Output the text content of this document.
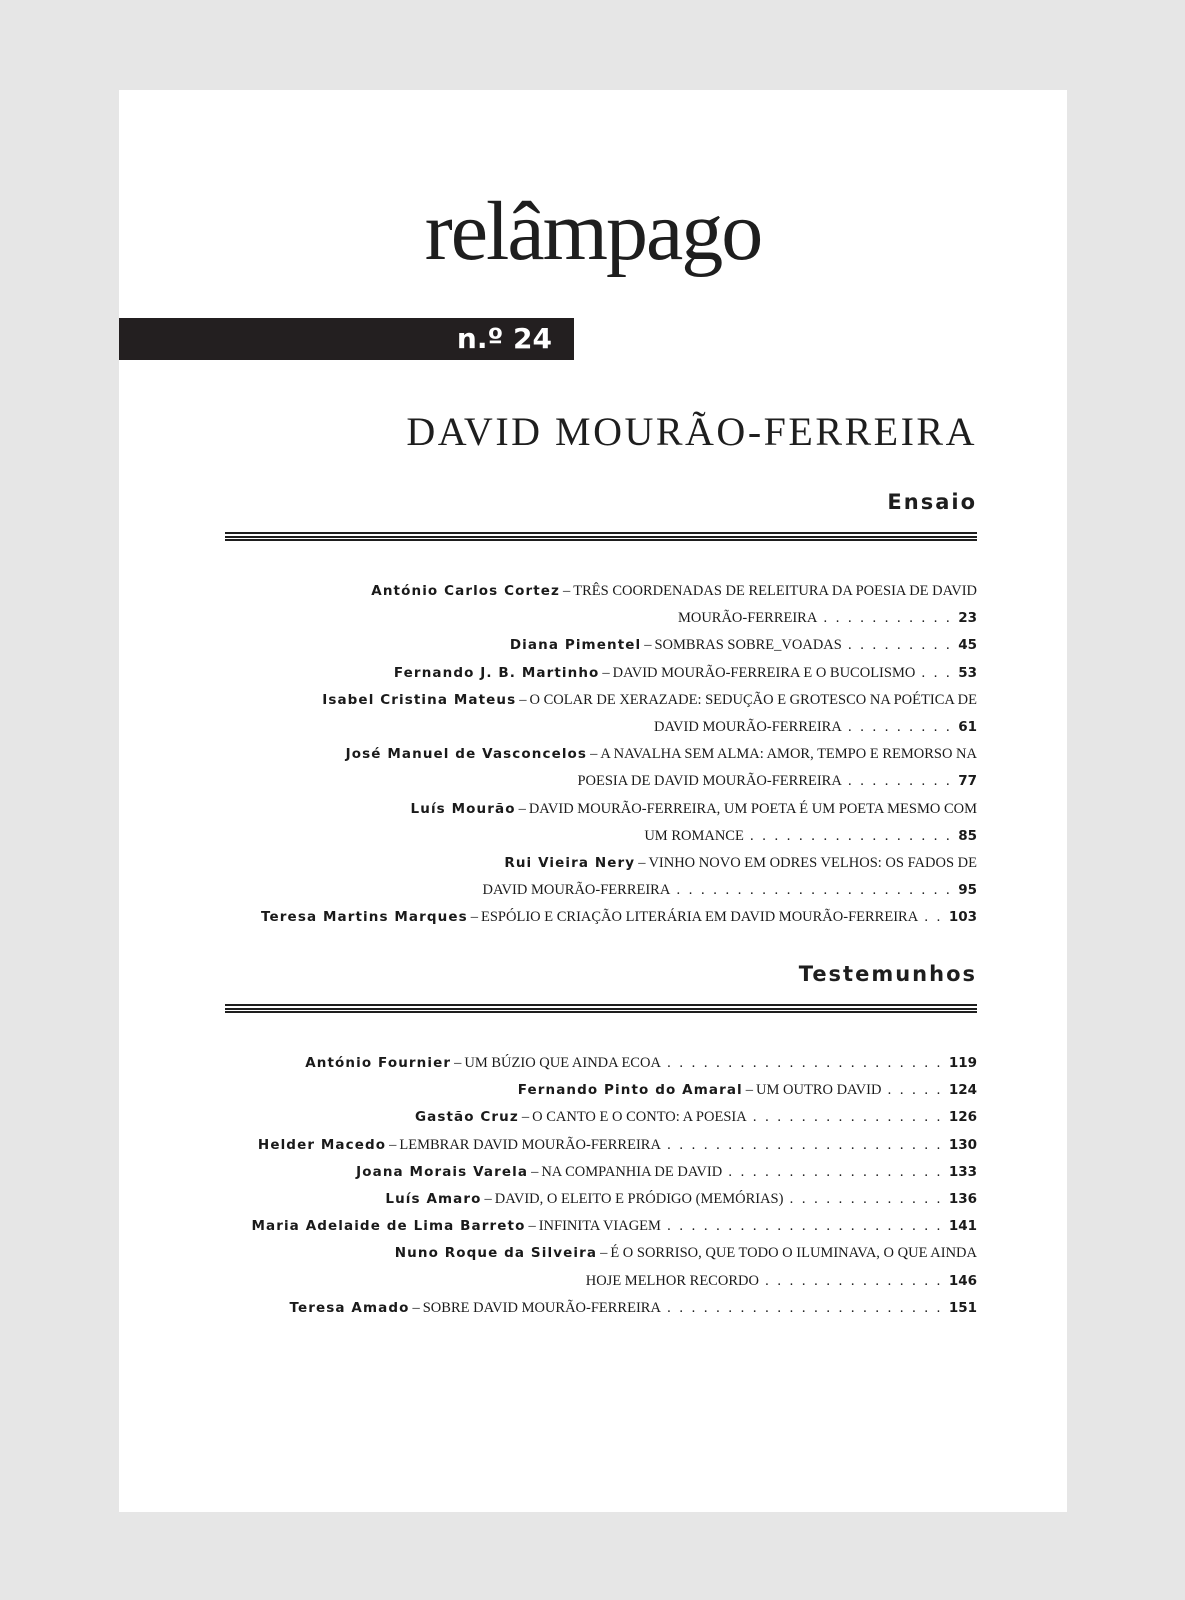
relâmpago
n.º 24
DAVID MOURÃO-FERREIRA
Ensaio
António Carlos Cortez – TRÊS COORDENADAS DE RELEITURA DA POESIA DE DAVID
MOURÃO-FERREIRA . . . . . . . . . . . 23
Diana Pimentel – SOMBRAS SOBRE_VOADAS . . . . . . . . . 45
Fernando J. B. Martinho – DAVID MOURÃO-FERREIRA E O BUCOLISMO . . . 53
Isabel Cristina Mateus – O COLAR DE XERAZADE: SEDUÇÃO E GROTESCO NA POÉTICA DE
DAVID MOURÃO-FERREIRA . . . . . . . . . 61
José Manuel de Vasconcelos – A NAVALHA SEM ALMA: AMOR, TEMPO E REMORSO NA
POESIA DE DAVID MOURÃO-FERREIRA . . . . . . . . . 77
Luís Mourão – DAVID MOURÃO-FERREIRA, UM POETA É UM POETA MESMO COM
UM ROMANCE . . . . . . . . . . . . . . . . . 85
Rui Vieira Nery – VINHO NOVO EM ODRES VELHOS: OS FADOS DE
DAVID MOURÃO-FERREIRA . . . . . . . . . . . . . . . . . . . . . . . 95
Teresa Martins Marques – ESPÓLIO E CRIAÇÃO LITERÁRIA EM DAVID MOURÃO-FERREIRA . . 103
Testemunhos
António Fournier – UM BÚZIO QUE AINDA ECOA . . . . . . . . . . . . . . . . . . . . . . . 119
Fernando Pinto do Amaral – UM OUTRO DAVID . . . . . 124
Gastão Cruz – O CANTO E O CONTO: A POESIA . . . . . . . . . . . . . . . . 126
Helder Macedo – LEMBRAR DAVID MOURÃO-FERREIRA . . . . . . . . . . . . . . . . . . . . . . . 130
Joana Morais Varela – NA COMPANHIA DE DAVID . . . . . . . . . . . . . . . . . . 133
Luís Amaro – DAVID, O ELEITO E PRÓDIGO (MEMÓRIAS) . . . . . . . . . . . . . 136
Maria Adelaide de Lima Barreto – INFINITA VIAGEM . . . . . . . . . . . . . . . . . . . . . . . 141
Nuno Roque da Silveira – É O SORRISO, QUE TODO O ILUMINAVA, O QUE AINDA
HOJE MELHOR RECORDO . . . . . . . . . . . . . . . 146
Teresa Amado – SOBRE DAVID MOURÃO-FERREIRA . . . . . . . . . . . . . . . . . . . . . . . 151
